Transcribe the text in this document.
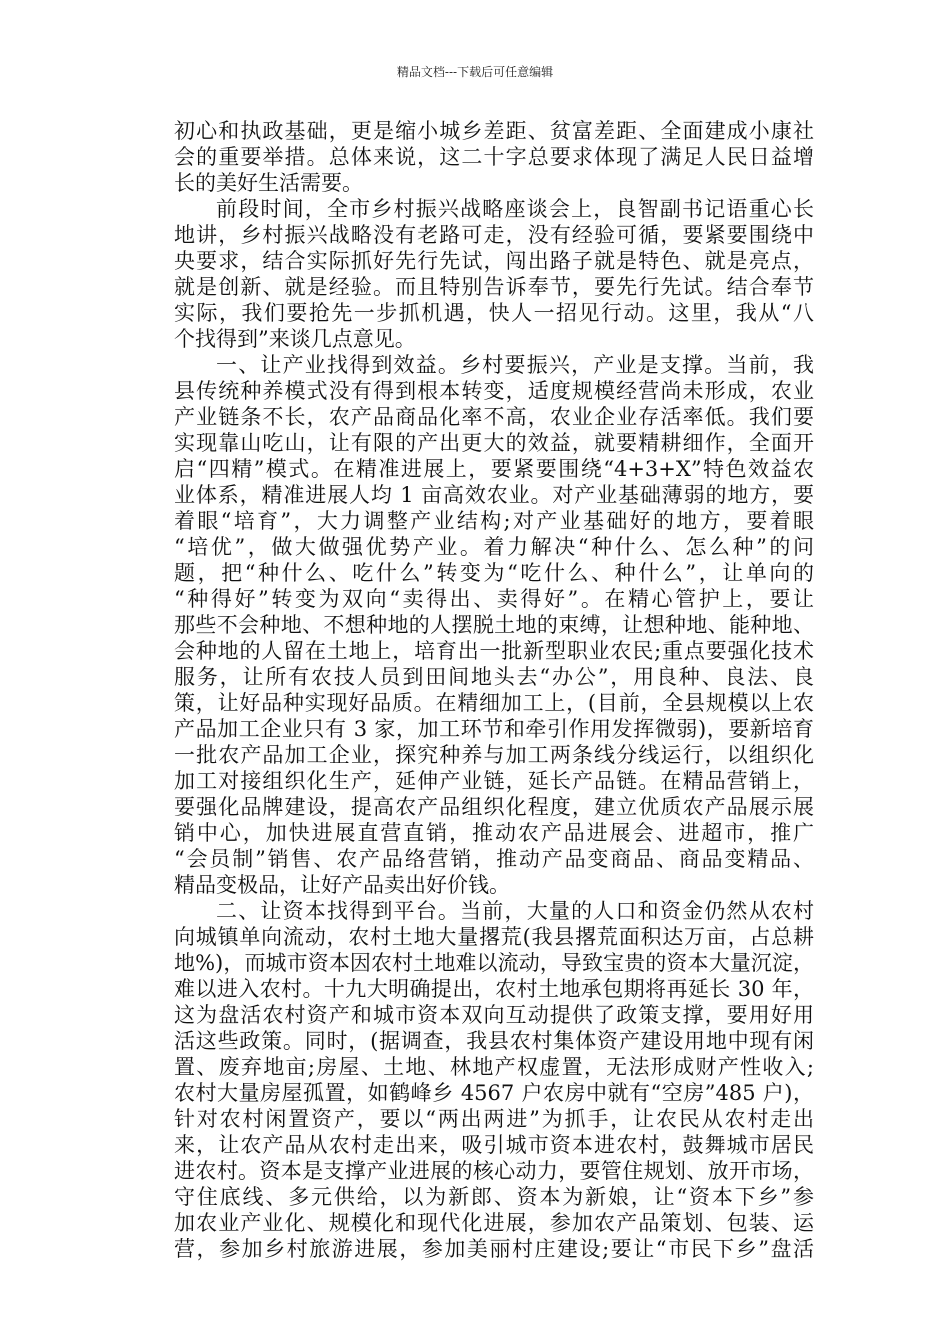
精品文档---下载后可任意编辑
初心和执政基础，更是缩小城乡差距、贫富差距、全面建成小康社
会的重要举措。总体来说，这二十字总要求体现了满足人民日益增
长的美好生活需要。
前段时间，全市乡村振兴战略座谈会上，良智副书记语重心长
地讲，乡村振兴战略没有老路可走，没有经验可循，要紧要围绕中
央要求，结合实际抓好先行先试，闯出路子就是特色、就是亮点，
就是创新、就是经验。而且特别告诉奉节，要先行先试。结合奉节
实际，我们要抢先一步抓机遇，快人一招见行动。这里，我从“八
个找得到”来谈几点意见。
一、让产业找得到效益。乡村要振兴，产业是支撑。当前，我
县传统种养模式没有得到根本转变，适度规模经营尚未形成，农业
产业链条不长，农产品商品化率不高，农业企业存活率低。我们要
实现靠山吃山，让有限的产出更大的效益，就要精耕细作，全面开
启“四精”模式。在精准进展上，要紧要围绕“4+3+X”特色效益农
业体系，精准进展人均 1 亩高效农业。对产业基础薄弱的地方，要
着眼“培育”，大力调整产业结构;对产业基础好的地方，要着眼
“培优”，做大做强优势产业。着力解决“种什么、怎么种”的问
题，把“种什么、吃什么”转变为“吃什么、种什么”，让单向的
“种得好”转变为双向“卖得出、卖得好”。在精心管护上，要让
那些不会种地、不想种地的人摆脱土地的束缚，让想种地、能种地、
会种地的人留在土地上，培育出一批新型职业农民;重点要强化技术
服务，让所有农技人员到田间地头去“办公”，用良种、良法、良
策，让好品种实现好品质。在精细加工上，(目前，全县规模以上农
产品加工企业只有 3 家，加工环节和牵引作用发挥微弱)，要新培育
一批农产品加工企业，探究种养与加工两条线分线运行，以组织化
加工对接组织化生产，延伸产业链，延长产品链。在精品营销上，
要强化品牌建设，提高农产品组织化程度，建立优质农产品展示展
销中心，加快进展直营直销，推动农产品进展会、进超市，推广
“会员制”销售、农产品络营销，推动产品变商品、商品变精品、
精品变极品，让好产品卖出好价钱。
二、让资本找得到平台。当前，大量的人口和资金仍然从农村
向城镇单向流动，农村土地大量撂荒(我县撂荒面积达万亩，占总耕
地%)，而城市资本因农村土地难以流动，导致宝贵的资本大量沉淀，
难以进入农村。十九大明确提出，农村土地承包期将再延长 30 年，
这为盘活农村资产和城市资本双向互动提供了政策支撑，要用好用
活这些政策。同时，(据调查，我县农村集体资产建设用地中现有闲
置、废弃地亩;房屋、土地、林地产权虚置，无法形成财产性收入;
农村大量房屋孤置，如鹤峰乡 4567 户农房中就有“空房”485 户)，
针对农村闲置资产，要以“两出两进”为抓手，让农民从农村走出
来，让农产品从农村走出来，吸引城市资本进农村，鼓舞城市居民
进农村。资本是支撑产业进展的核心动力，要管住规划、放开市场，
守住底线、多元供给，以为新郎、资本为新娘，让“资本下乡”参
加农业产业化、规模化和现代化进展，参加农产品策划、包装、运
营，参加乡村旅游进展，参加美丽村庄建设;要让“市民下乡”盘活
